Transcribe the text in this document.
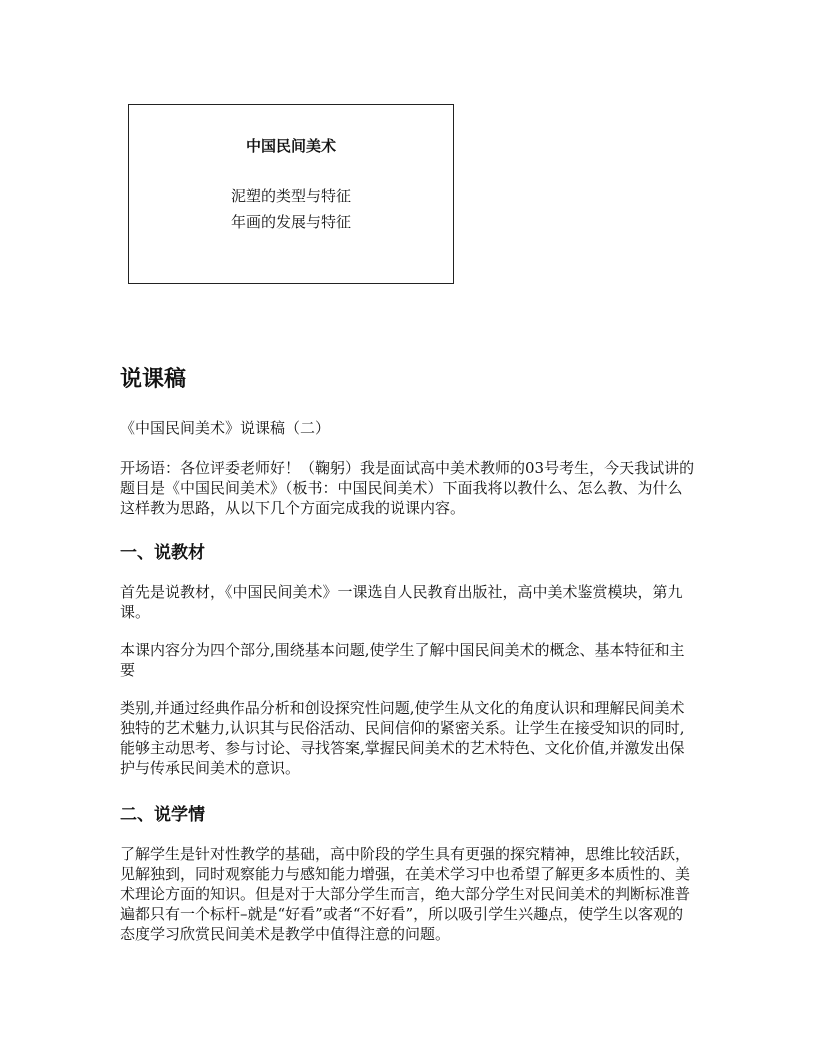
中国民间美术
泥塑的类型与特征
年画的发展与特征
说课稿

《中国民间美术》说课稿（二）

开场语：各位评委老师好！（鞠躬）我是面试高中美术教师的03号考生，今天我试讲的题目是《中国民间美术》（板书：中国民间美术）下面我将以教什么、怎么教、为什么这样教为思路，从以下几个方面完成我的说课内容。

一、说教材

首先是说教材，《中国民间美术》一课选自人民教育出版社，高中美术鉴赏模块，第九课。

本课内容分为四个部分,围绕基本问题,使学生了解中国民间美术的概念、基本特征和主要

类别,并通过经典作品分析和创设探究性问题,使学生从文化的角度认识和理解民间美术独特的艺术魅力,认识其与民俗活动、民间信仰的紧密关系。让学生在接受知识的同时,能够主动思考、参与讨论、寻找答案,掌握民间美术的艺术特色、文化价值,并激发出保护与传承民间美术的意识。

二、说学情

了解学生是针对性教学的基础，高中阶段的学生具有更强的探究精神，思维比较活跃，见解独到，同时观察能力与感知能力增强，在美术学习中也希望了解更多本质性的、美术理论方面的知识。但是对于大部分学生而言，绝大部分学生对民间美术的判断标准普遍都只有一个标杆–就是“好看”或者“不好看”，所以吸引学生兴趣点，使学生以客观的态度学习欣赏民间美术是教学中值得注意的问题。
